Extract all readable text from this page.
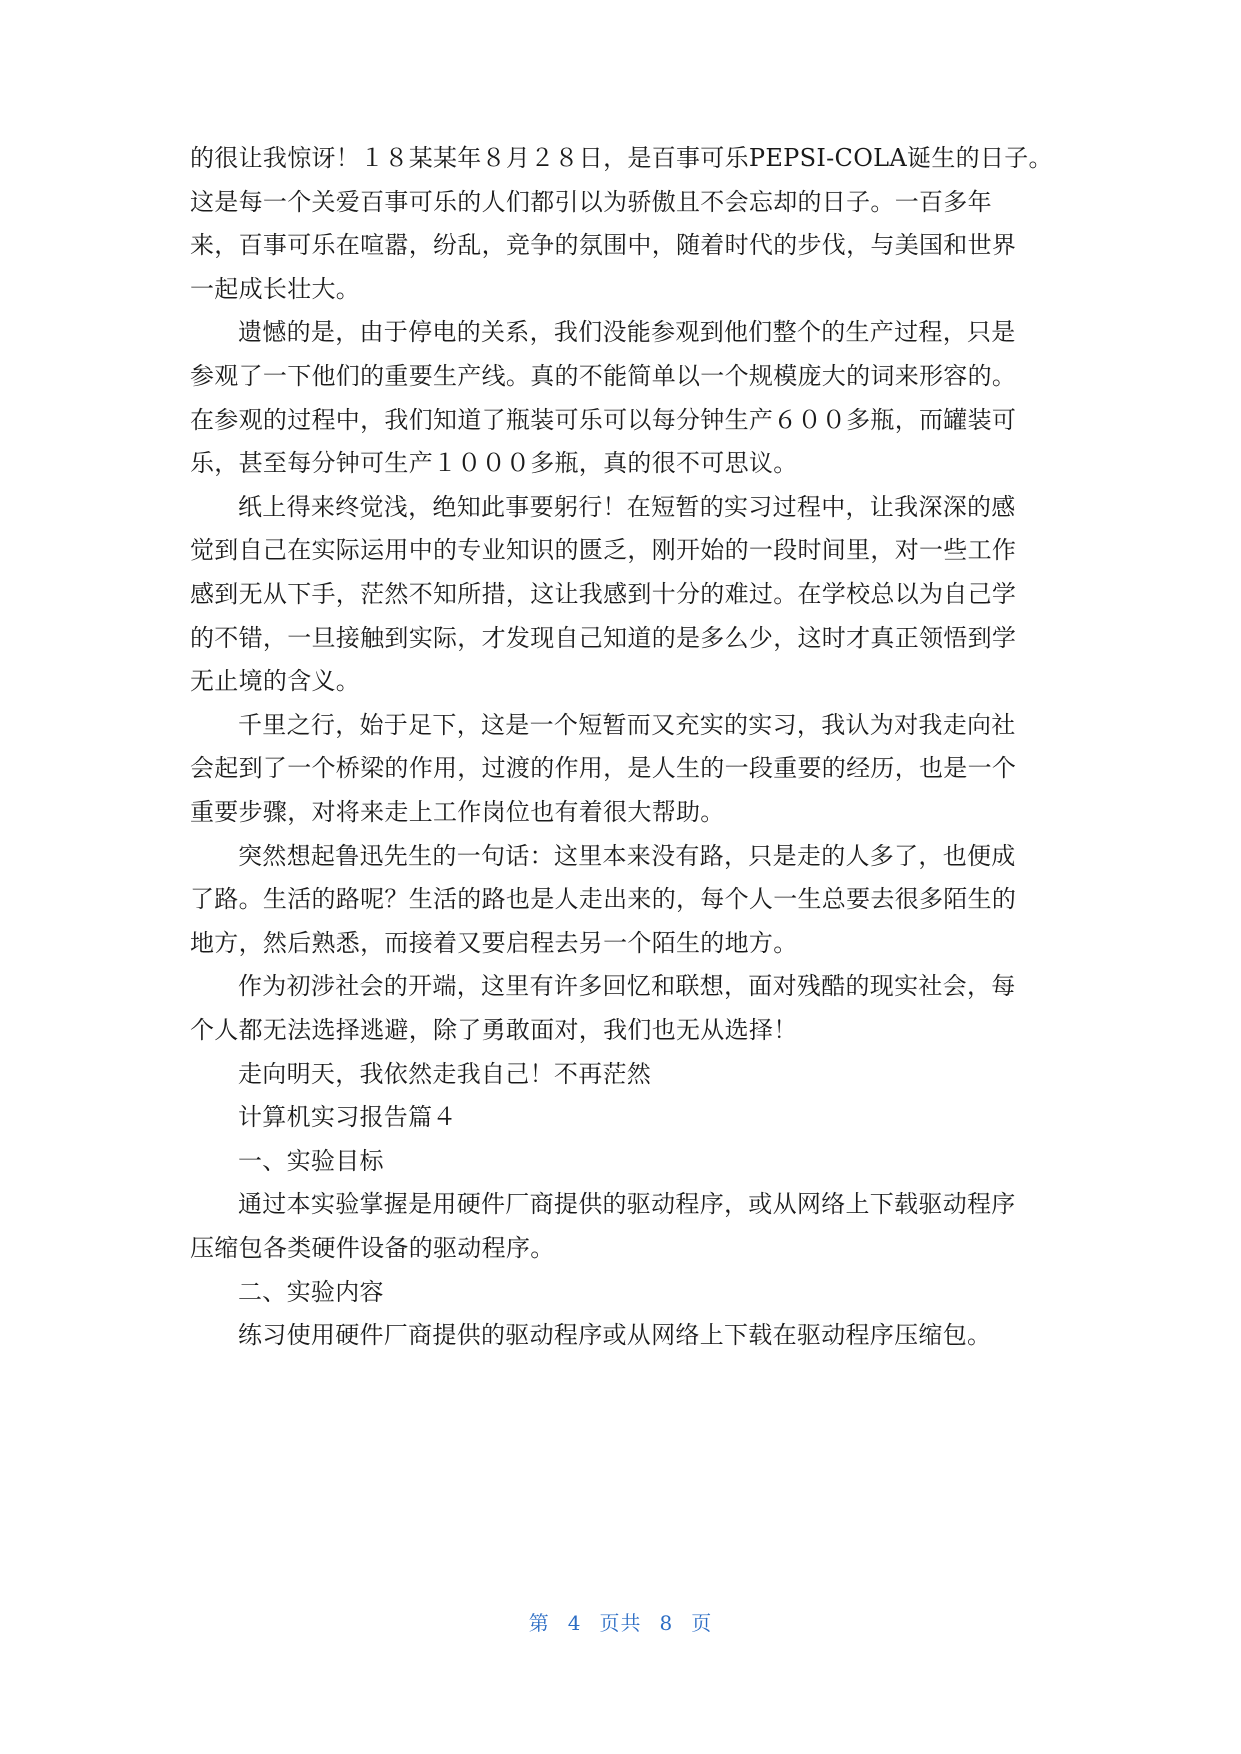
的很让我惊讶！１８某某年８月２８日，是百事可乐PEPSI-COLA诞生的日子。
这是每一个关爱百事可乐的人们都引以为骄傲且不会忘却的日子。一百多年
来，百事可乐在喧嚣，纷乱，竞争的氛围中，随着时代的步伐，与美国和世界
一起成长壮大。
遗憾的是，由于停电的关系，我们没能参观到他们整个的生产过程，只是
参观了一下他们的重要生产线。真的不能简单以一个规模庞大的词来形容的。
在参观的过程中，我们知道了瓶装可乐可以每分钟生产６００多瓶，而罐装可
乐，甚至每分钟可生产１０００多瓶，真的很不可思议。
纸上得来终觉浅，绝知此事要躬行！在短暂的实习过程中，让我深深的感
觉到自己在实际运用中的专业知识的匮乏，刚开始的一段时间里，对一些工作
感到无从下手，茫然不知所措，这让我感到十分的难过。在学校总以为自己学
的不错，一旦接触到实际，才发现自己知道的是多么少，这时才真正领悟到学
无止境的含义。
千里之行，始于足下，这是一个短暂而又充实的实习，我认为对我走向社
会起到了一个桥梁的作用，过渡的作用，是人生的一段重要的经历，也是一个
重要步骤，对将来走上工作岗位也有着很大帮助。
突然想起鲁迅先生的一句话：这里本来没有路，只是走的人多了，也便成
了路。生活的路呢？生活的路也是人走出来的，每个人一生总要去很多陌生的
地方，然后熟悉，而接着又要启程去另一个陌生的地方。
作为初涉社会的开端，这里有许多回忆和联想，面对残酷的现实社会，每
个人都无法选择逃避，除了勇敢面对，我们也无从选择！
走向明天，我依然走我自己！不再茫然
计算机实习报告篇４
一、实验目标
通过本实验掌握是用硬件厂商提供的驱动程序，或从网络上下载驱动程序
压缩包各类硬件设备的驱动程序。
二、实验内容
练习使用硬件厂商提供的驱动程序或从网络上下载在驱动程序压缩包。
第 4 页共 8 页
